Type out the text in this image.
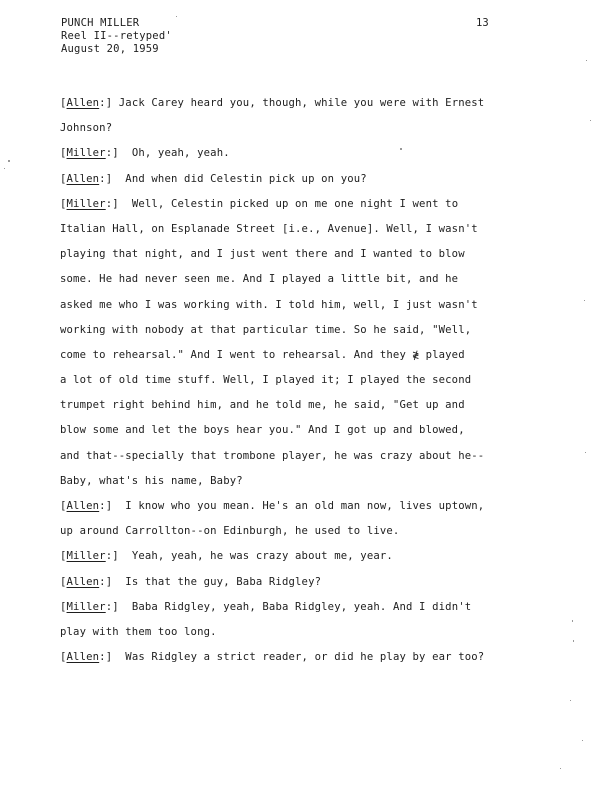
PUNCH MILLER
Reel II--retyped'
August 20, 1959
13
[Allen:] Jack Carey heard you, though, while you were with Ernest
Johnson?
[Miller:]  Oh, yeah, yeah.
[Allen:]  And when did Celestin pick up on you?
[Miller:]  Well, Celestin picked up on me one night I went to
Italian Hall, on Esplanade Street [i.e., Avenue]. Well, I wasn't
playing that night, and I just went there and I wanted to blow
some. He had never seen me. And I played a little bit, and he
asked me who I was working with. I told him, well, I just wasn't
working with nobody at that particular time. So he said, "Well,
come to rehearsal." And I went to rehearsal. And they ≹ played
a lot of old time stuff. Well, I played it; I played the second
trumpet right behind him, and he told me, he said, "Get up and
blow some and let the boys hear you." And I got up and blowed,
and that--specially that trombone player, he was crazy about he--
Baby, what's his name, Baby?
[Allen:]  I know who you mean. He's an old man now, lives uptown,
up around Carrollton--on Edinburgh, he used to live.
[Miller:]  Yeah, yeah, he was crazy about me, year.
[Allen:]  Is that the guy, Baba Ridgley?
[Miller:]  Baba Ridgley, yeah, Baba Ridgley, yeah. And I didn't
play with them too long.
[Allen:]  Was Ridgley a strict reader, or did he play by ear too?
